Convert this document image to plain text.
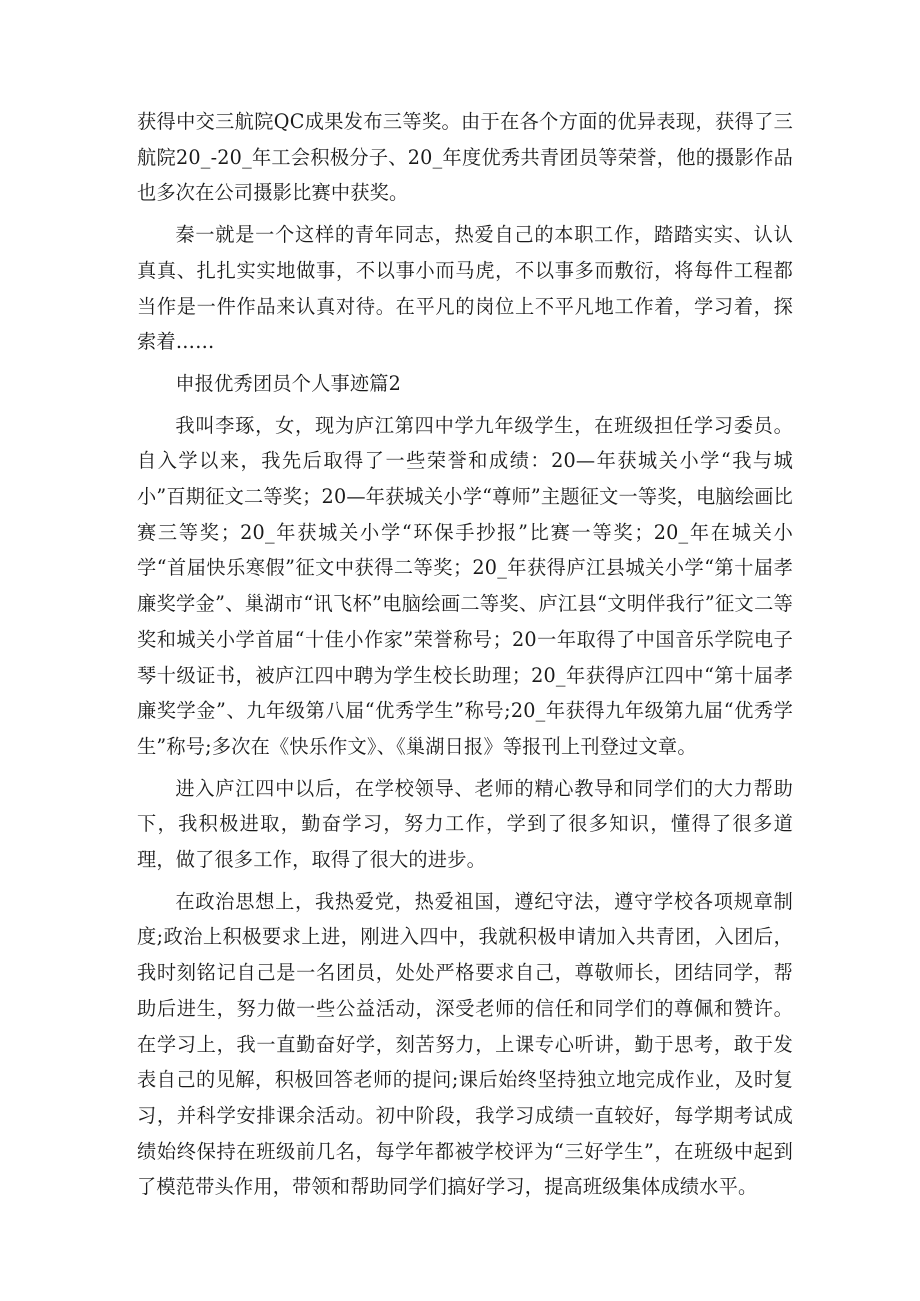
获得中交三航院QC成果发布三等奖。由于在各个方面的优异表现，获得了三航院20_-20_年工会积极分子、20_年度优秀共青团员等荣誉，他的摄影作品也多次在公司摄影比赛中获奖。

秦一就是一个这样的青年同志，热爱自己的本职工作，踏踏实实、认认真真、扎扎实实地做事，不以事小而马虎，不以事多而敷衍，将每件工程都当作是一件作品来认真对待。在平凡的岗位上不平凡地工作着，学习着，探索着……

申报优秀团员个人事迹篇2

我叫李琢，女，现为庐江第四中学九年级学生，在班级担任学习委员。自入学以来，我先后取得了一些荣誉和成绩：20—年获城关小学“我与城小”百期征文二等奖；20—年获城关小学“尊师”主题征文一等奖，电脑绘画比赛三等奖；20_年获城关小学“环保手抄报”比赛一等奖；20_年在城关小学“首届快乐寒假”征文中获得二等奖；20_年获得庐江县城关小学“第十届孝廉奖学金”、巢湖市“讯飞杯”电脑绘画二等奖、庐江县“文明伴我行”征文二等奖和城关小学首届“十佳小作家”荣誉称号；20一年取得了中国音乐学院电子琴十级证书，被庐江四中聘为学生校长助理；20_年获得庐江四中“第十届孝廉奖学金”、九年级第八届“优秀学生”称号;20_年获得九年级第九届“优秀学生”称号;多次在《快乐作文》、《巢湖日报》等报刊上刊登过文章。

进入庐江四中以后，在学校领导、老师的精心教导和同学们的大力帮助下，我积极进取，勤奋学习，努力工作，学到了很多知识，懂得了很多道理，做了很多工作，取得了很大的进步。

在政治思想上，我热爱党，热爱祖国，遵纪守法，遵守学校各项规章制度;政治上积极要求上进，刚进入四中，我就积极申请加入共青团，入团后，我时刻铭记自己是一名团员，处处严格要求自己，尊敬师长，团结同学，帮助后进生，努力做一些公益活动，深受老师的信任和同学们的尊佩和赞许。在学习上，我一直勤奋好学，刻苦努力，上课专心听讲，勤于思考，敢于发表自己的见解，积极回答老师的提问;课后始终坚持独立地完成作业，及时复习，并科学安排课余活动。初中阶段，我学习成绩一直较好，每学期考试成绩始终保持在班级前几名，每学年都被学校评为“三好学生”，在班级中起到了模范带头作用，带领和帮助同学们搞好学习，提高班级集体成绩水平。
